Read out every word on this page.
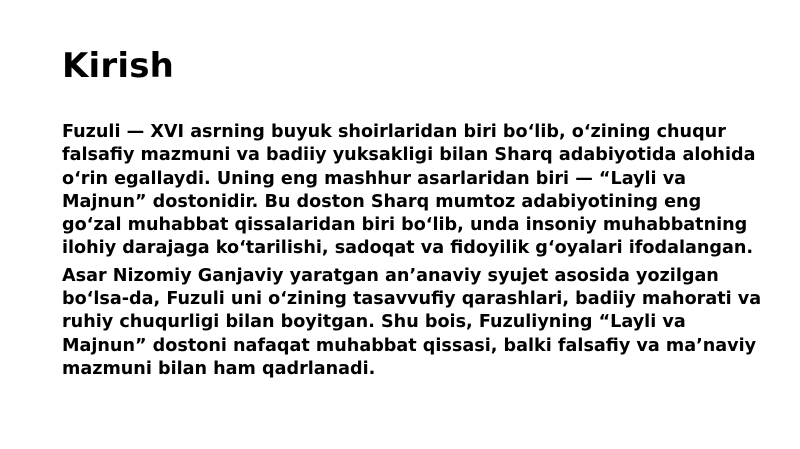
Kirish

Fuzuli — XVI asrning buyuk shoirlaridan biri bo‘lib, o‘zining chuqur falsafiy mazmuni va badiiy yuksakligi bilan Sharq adabiyotida alohida o‘rin egallaydi. Uning eng mashhur asarlaridan biri — “Layli va Majnun” dostonidir. Bu doston Sharq mumtoz adabiyotining eng go‘zal muhabbat qissalaridan biri bo‘lib, unda insoniy muhabbatning ilohiy darajaga ko‘tarilishi, sadoqat va fidoyilik g‘oyalari ifodalangan.

Asar Nizomiy Ganjaviy yaratgan an’anaviy syujet asosida yozilgan bo‘lsa-da, Fuzuli uni o‘zining tasavvufiy qarashlari, badiiy mahorati va ruhiy chuqurligi bilan boyitgan. Shu bois, Fuzuliyning “Layli va Majnun” dostoni nafaqat muhabbat qissasi, balki falsafiy va ma’naviy mazmuni bilan ham qadrlanadi.
